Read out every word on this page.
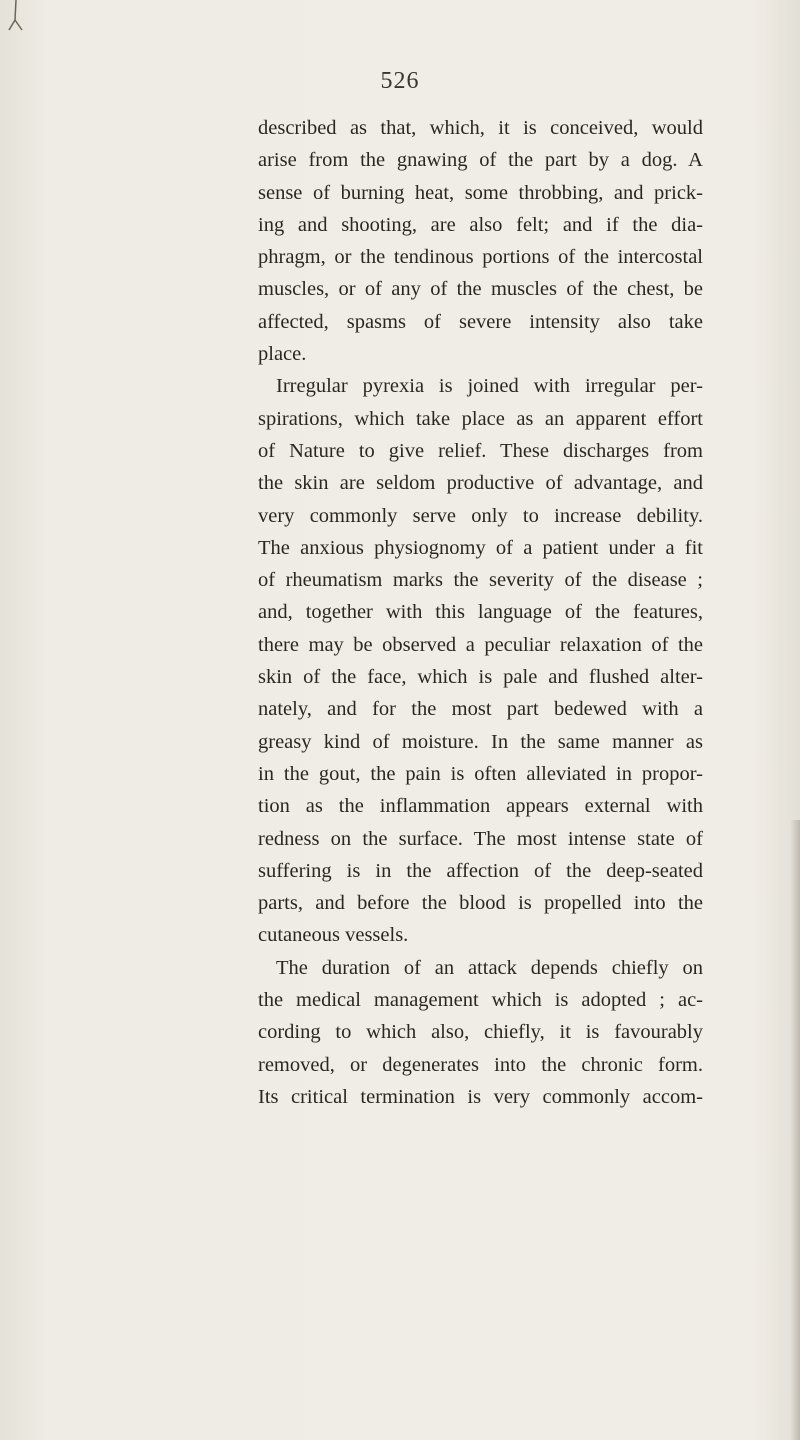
526
described as that, which, it is conceived, would
arise from the gnawing of the part by a dog. A
sense of burning heat, some throbbing, and prick-
ing and shooting, are also felt; and if the dia-
phragm, or the tendinous portions of the intercostal
muscles, or of any of the muscles of the chest, be
affected, spasms of severe intensity also take
place.
Irregular pyrexia is joined with irregular per-
spirations, which take place as an apparent effort
of Nature to give relief. These discharges from
the skin are seldom productive of advantage, and
very commonly serve only to increase debility.
The anxious physiognomy of a patient under a fit
of rheumatism marks the severity of the disease ;
and, together with this language of the features,
there may be observed a peculiar relaxation of the
skin of the face, which is pale and flushed alter-
nately, and for the most part bedewed with a
greasy kind of moisture. In the same manner as
in the gout, the pain is often alleviated in propor-
tion as the inflammation appears external with
redness on the surface. The most intense state of
suffering is in the affection of the deep-seated
parts, and before the blood is propelled into the
cutaneous vessels.
The duration of an attack depends chiefly on
the medical management which is adopted ; ac-
cording to which also, chiefly, it is favourably
removed, or degenerates into the chronic form.
Its critical termination is very commonly accom-
